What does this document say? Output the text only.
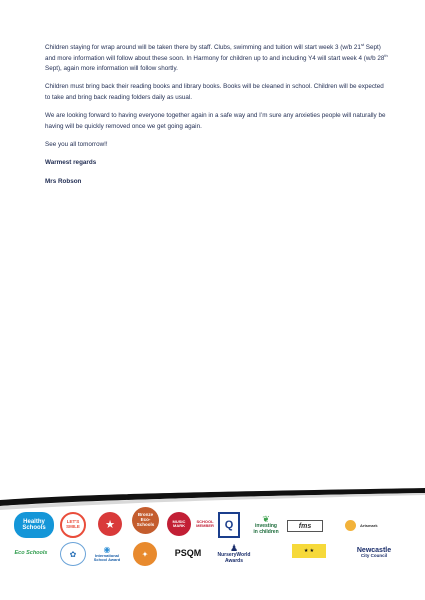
Children staying for wrap around will be taken there by staff. Clubs, swimming and tuition will start week 3 (w/b 21st Sept) and more information will follow about these soon. In Harmony for children up to and including Y4 will start week 4 (w/b 28th Sept), again more information will follow shortly.

Children must bring back their reading books and library books. Books will be cleaned in school. Children will be expected to take and bring back reading folders daily as usual.

We are looking forward to having everyone together again in a safe way and I’m sure any anxieties people will naturally be having will be quickly removed once we get going again.

See you all tomorrow!!

Warmest regards

Mrs Robson

Healthy
Schools
LET'S
SMILE	★
Bronze
Eco-Schools
MUSIC
MARK
SCHOOL
MEMBER Q	❦
investing
in children
fms	Artsmark
Eco Schools	✿
◉
International
School Award
✦	PSQM	♟
NurseryWorld
Awards
★ ★	Newcastle
City Council
